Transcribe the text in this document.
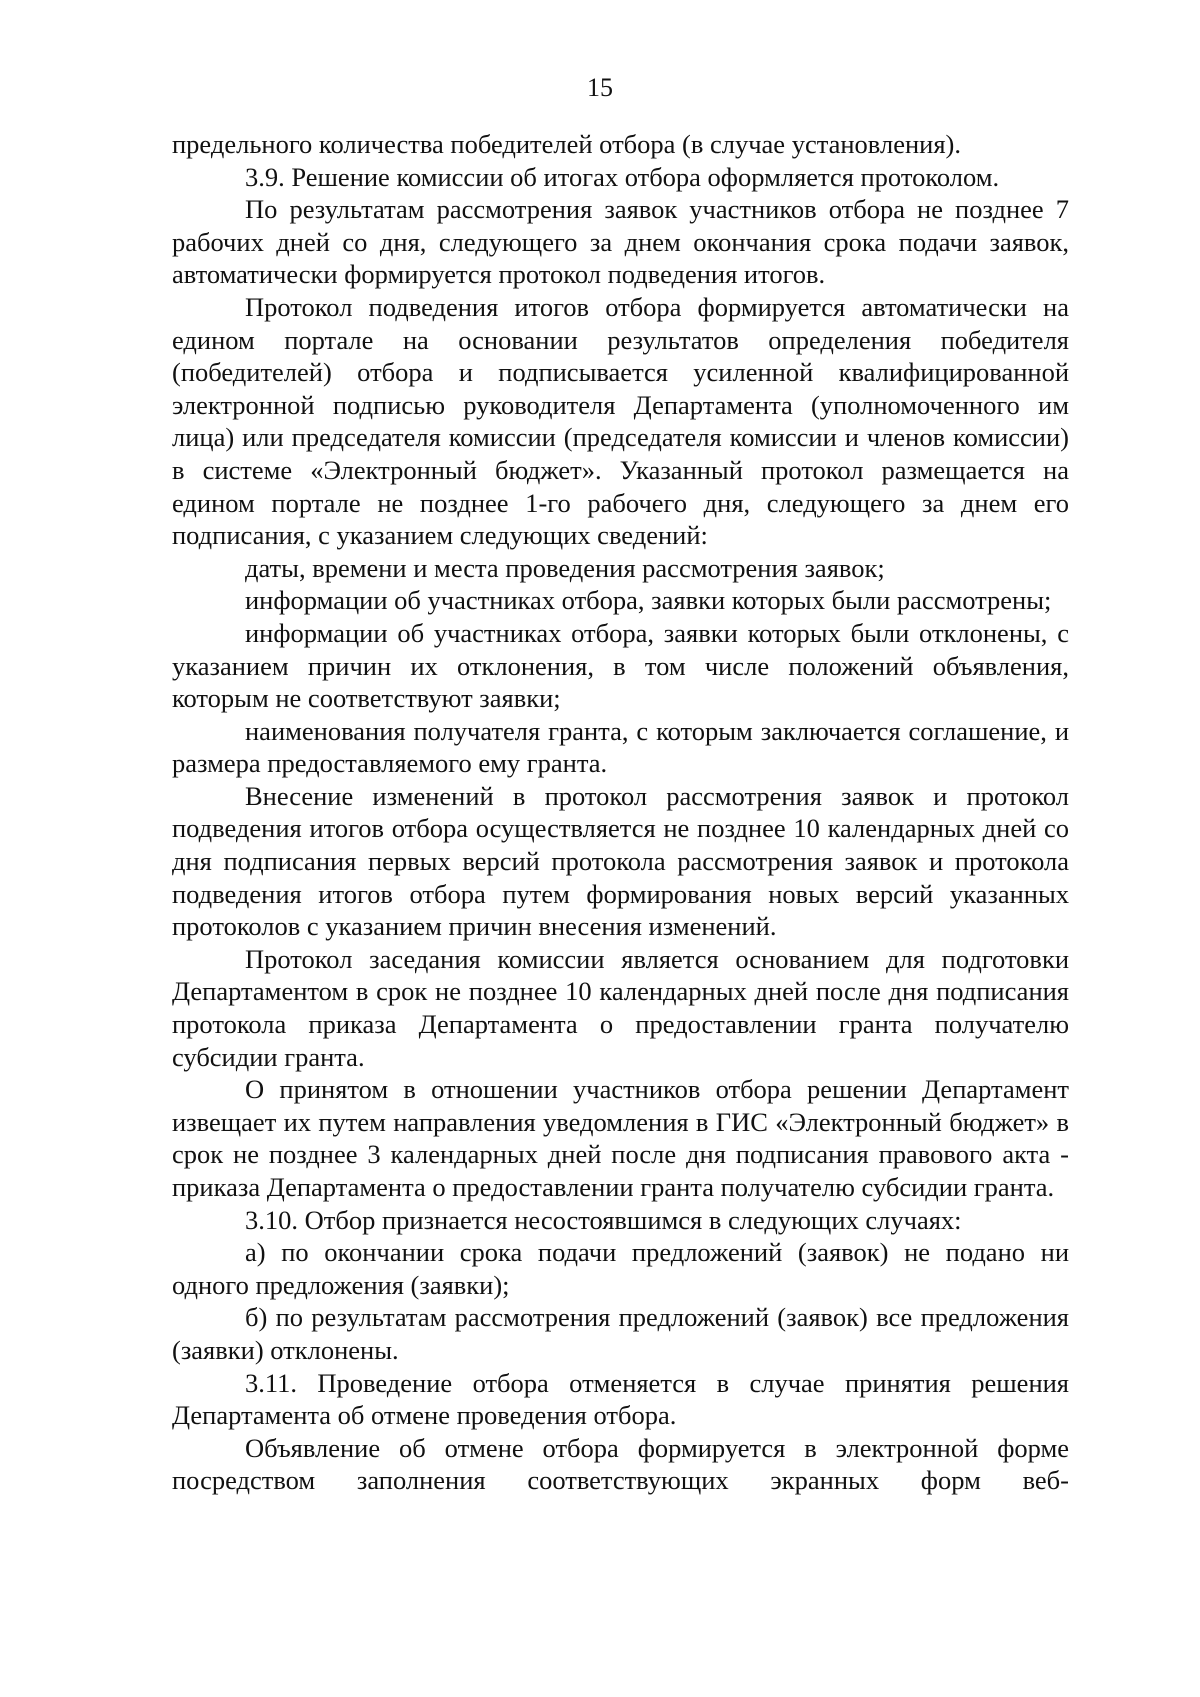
15

предельного количества победителей отбора (в случае установления).

3.9. Решение комиссии об итогах отбора оформляется протоколом.

По результатам рассмотрения заявок участников отбора не позднее 7 рабочих дней со дня, следующего за днем окончания срока подачи заявок, автоматически формируется протокол подведения итогов.

Протокол подведения итогов отбора формируется автоматически на едином портале на основании результатов определения победителя (победителей) отбора и подписывается усиленной квалифицированной электронной подписью руководителя Департамента (уполномоченного им лица) или председателя комиссии (председателя комиссии и членов комиссии) в системе «Электронный бюджет». Указанный протокол размещается на едином портале не позднее 1-го рабочего дня, следующего за днем его подписания, с указанием следующих сведений:

даты, времени и места проведения рассмотрения заявок;

информации об участниках отбора, заявки которых были рассмотрены;

информации об участниках отбора, заявки которых были отклонены, с указанием причин их отклонения, в том числе положений объявления, которым не соответствуют заявки;

наименования получателя гранта, с которым заключается соглашение, и размера предоставляемого ему гранта.

Внесение изменений в протокол рассмотрения заявок и протокол подведения итогов отбора осуществляется не позднее 10 календарных дней со дня подписания первых версий протокола рассмотрения заявок и протокола подведения итогов отбора путем формирования новых версий указанных протоколов с указанием причин внесения изменений.

Протокол заседания комиссии является основанием для подготовки Департаментом в срок не позднее 10 календарных дней после дня подписания протокола приказа Департамента о предоставлении гранта получателю субсидии гранта.

О принятом в отношении участников отбора решении Департамент извещает их путем направления уведомления в ГИС «Электронный бюджет» в срок не позднее 3 календарных дней после дня подписания правового акта - приказа Департамента о предоставлении гранта получателю субсидии гранта.

3.10. Отбор признается несостоявшимся в следующих случаях:

а) по окончании срока подачи предложений (заявок) не подано ни одного предложения (заявки);

б) по результатам рассмотрения предложений (заявок) все предложения (заявки) отклонены.

3.11. Проведение отбора отменяется в случае принятия решения Департамента об отмене проведения отбора.

Объявление об отмене отбора формируется в электронной форме посредством заполнения соответствующих экранных форм веб-
